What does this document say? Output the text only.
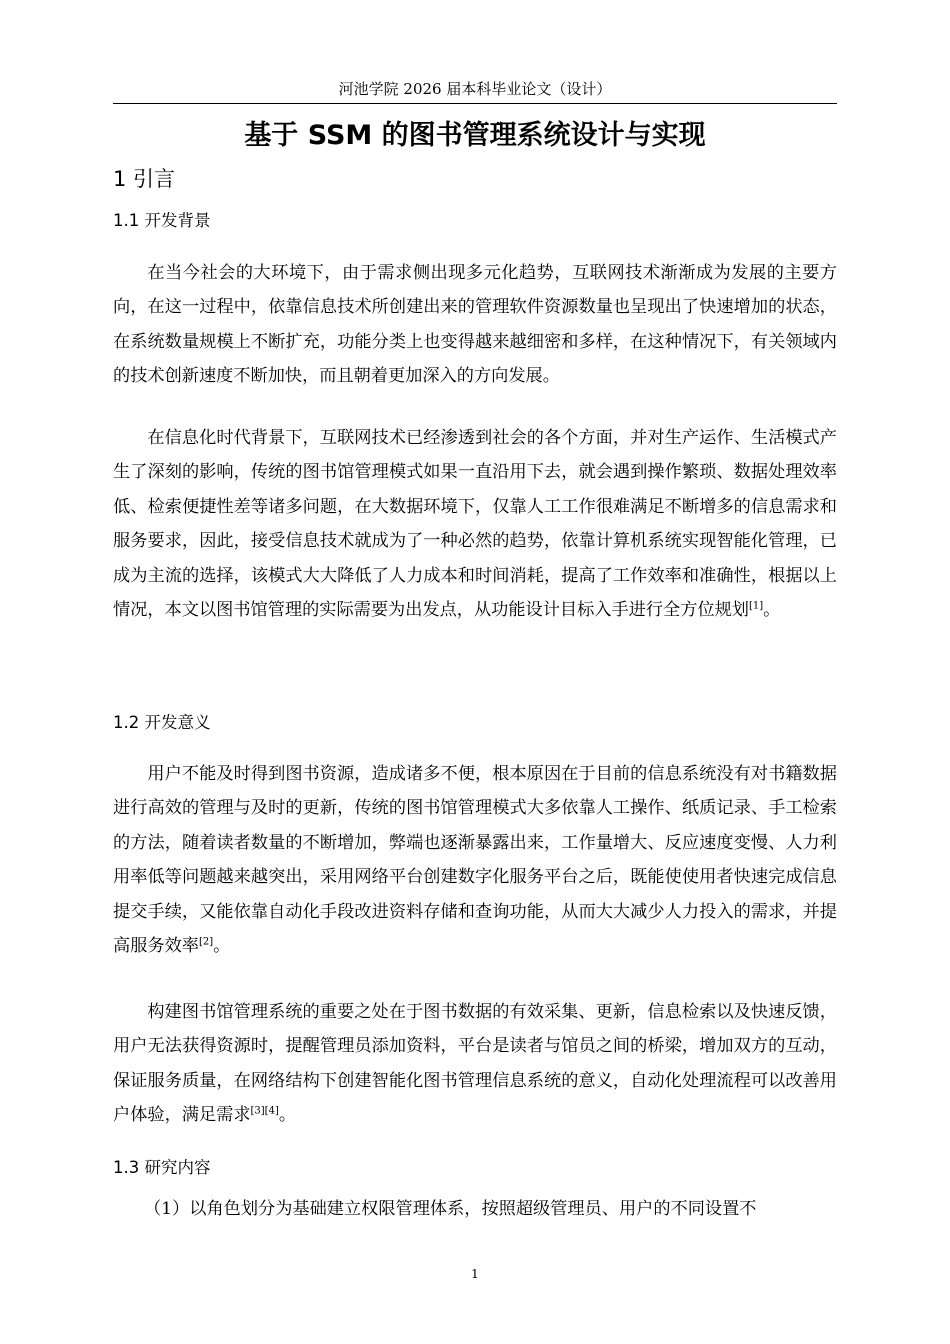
河池学院 2026 届本科毕业论文（设计）
基于 SSM 的图书管理系统设计与实现
1 引言
1.1 开发背景

在当今社会的大环境下，由于需求侧出现多元化趋势，互联网技术渐渐成为发展的主要方向，在这一过程中，依靠信息技术所创建出来的管理软件资源数量也呈现出了快速增加的状态，在系统数量规模上不断扩充，功能分类上也变得越来越细密和多样，在这种情况下，有关领域内的技术创新速度不断加快，而且朝着更加深入的方向发展。

在信息化时代背景下，互联网技术已经渗透到社会的各个方面，并对生产运作、生活模式产生了深刻的影响，传统的图书馆管理模式如果一直沿用下去，就会遇到操作繁琐、数据处理效率低、检索便捷性差等诸多问题，在大数据环境下，仅靠人工工作很难满足不断增多的信息需求和服务要求，因此，接受信息技术就成为了一种必然的趋势，依靠计算机系统实现智能化管理，已成为主流的选择，该模式大大降低了人力成本和时间消耗，提高了工作效率和准确性，根据以上情况，本文以图书馆管理的实际需要为出发点，从功能设计目标入手进行全方位规划[1]。

1.2 开发意义

用户不能及时得到图书资源，造成诸多不便，根本原因在于目前的信息系统没有对书籍数据进行高效的管理与及时的更新，传统的图书馆管理模式大多依靠人工操作、纸质记录、手工检索的方法，随着读者数量的不断增加，弊端也逐渐暴露出来，工作量增大、反应速度变慢、人力利用率低等问题越来越突出，采用网络平台创建数字化服务平台之后，既能使使用者快速完成信息提交手续，又能依靠自动化手段改进资料存储和查询功能，从而大大减少人力投入的需求，并提高服务效率[2]。

构建图书馆管理系统的重要之处在于图书数据的有效采集、更新，信息检索以及快速反馈，用户无法获得资源时，提醒管理员添加资料，平台是读者与馆员之间的桥梁，增加双方的互动，保证服务质量，在网络结构下创建智能化图书管理信息系统的意义，自动化处理流程可以改善用户体验，满足需求[3][4]。

1.3 研究内容

（1）以角色划分为基础建立权限管理体系，按照超级管理员、用户的不同设置不

1
